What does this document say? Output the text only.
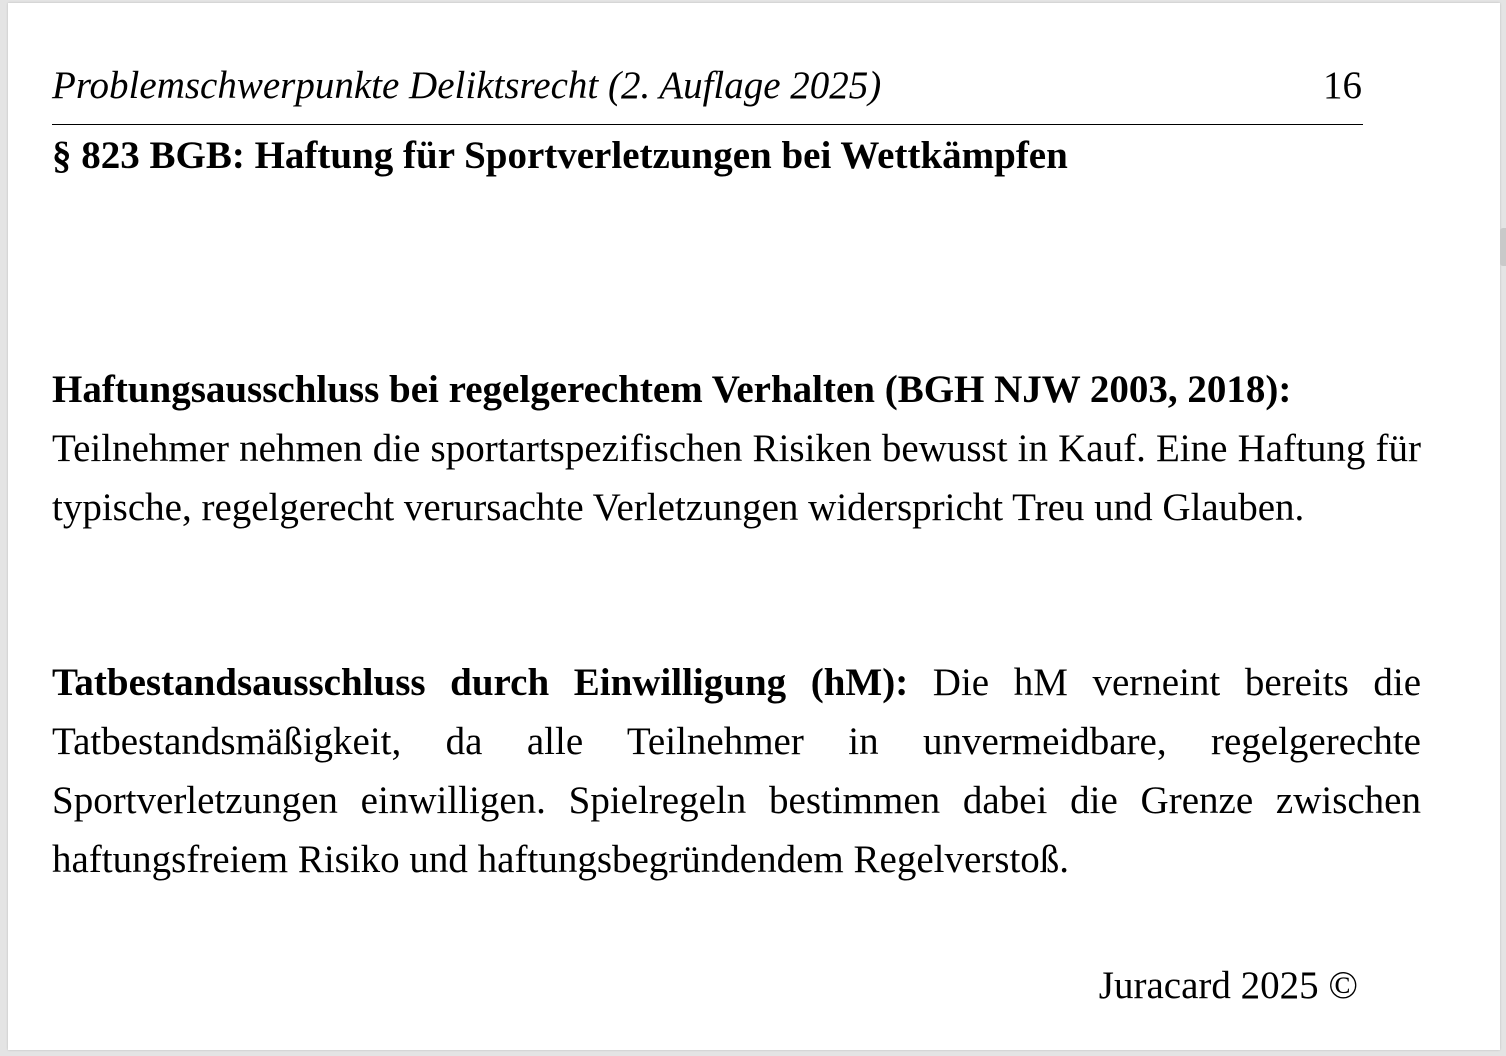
Problemschwerpunkte Deliktsrecht (2. Auflage 2025)	16
§ 823 BGB: Haftung für Sportverletzungen bei Wettkämpfen

Haftungsausschluss bei regelgerechtem Verhalten (BGH NJW 2003, 2018):
Teilnehmer nehmen die sportartspezifischen Risiken bewusst in Kauf. Eine Haftung für typische, regelgerecht verursachte Verletzungen widerspricht Treu und Glauben.

Tatbestandsausschluss durch Einwilligung (hM): Die hM verneint bereits die Tatbestandsmäßigkeit, da alle Teilnehmer in unvermeidbare, regelgerechte Sportverletzungen einwilligen. Spielregeln bestimmen dabei die Grenze zwischen haftungsfreiem Risiko und haftungsbegründendem Regelverstoß.

Juracard 2025 ©
